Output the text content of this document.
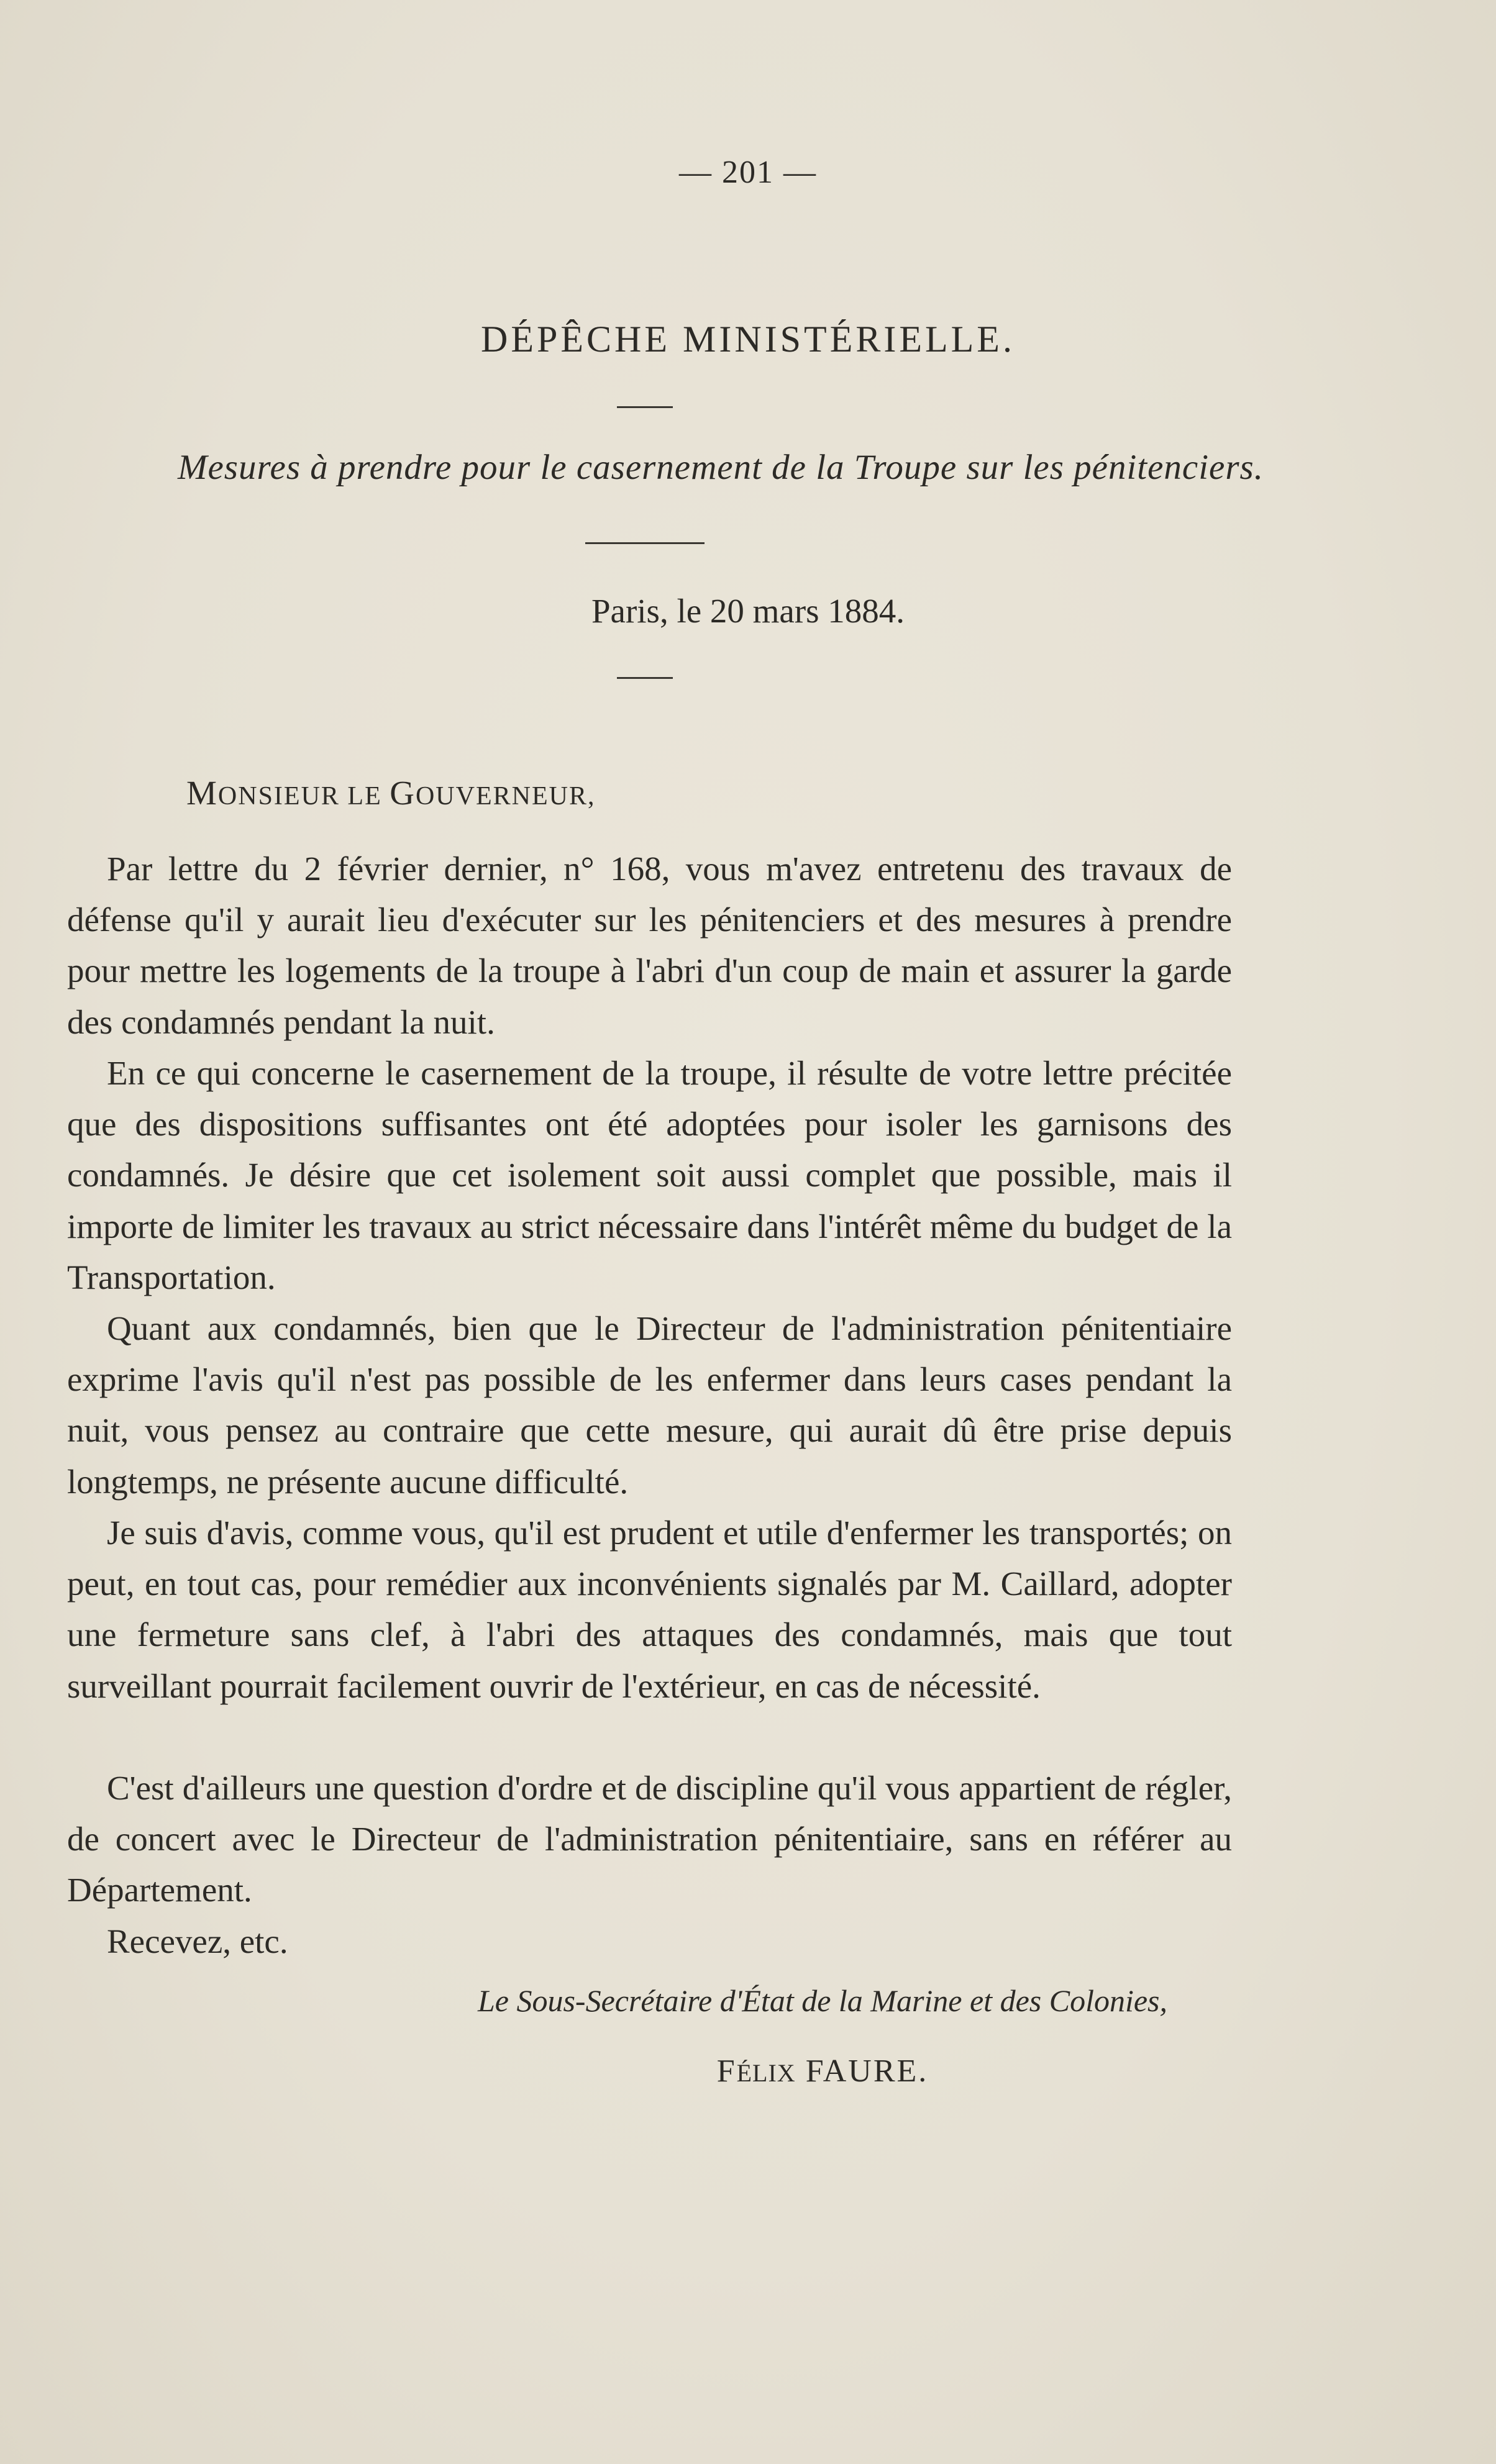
— 201 —
DÉPÊCHE MINISTÉRIELLE.
Mesures à prendre pour le casernement de la Troupe sur les pénitenciers.
Paris, le 20 mars 1884.
MONSIEUR LE GOUVERNEUR,

Par lettre du 2 février dernier, n° 168, vous m'avez entretenu des travaux de défense qu'il y aurait lieu d'exécuter sur les pénitenciers et des mesures à prendre pour mettre les logements de la troupe à l'abri d'un coup de main et assurer la garde des condamnés pendant la nuit.

En ce qui concerne le casernement de la troupe, il résulte de votre lettre précitée que des dispositions suffisantes ont été adoptées pour isoler les garnisons des condamnés. Je désire que cet isolement soit aussi complet que possible, mais il importe de limiter les travaux au strict nécessaire dans l'intérêt même du budget de la Transportation.

Quant aux condamnés, bien que le Directeur de l'administration pénitentiaire exprime l'avis qu'il n'est pas possible de les enfermer dans leurs cases pendant la nuit, vous pensez au contraire que cette mesure, qui aurait dû être prise depuis longtemps, ne présente aucune difficulté.

Je suis d'avis, comme vous, qu'il est prudent et utile d'enfermer les transportés; on peut, en tout cas, pour remédier aux inconvénients signalés par M. Caillard, adopter une fermeture sans clef, à l'abri des attaques des condamnés, mais que tout surveillant pourrait facilement ouvrir de l'extérieur, en cas de nécessité.

C'est d'ailleurs une question d'ordre et de discipline qu'il vous appartient de régler, de concert avec le Directeur de l'administration pénitentiaire, sans en référer au Département.

Recevez, etc.

Le Sous-Secrétaire d'État de la Marine et des Colonies,
FÉLIX FAURE.
